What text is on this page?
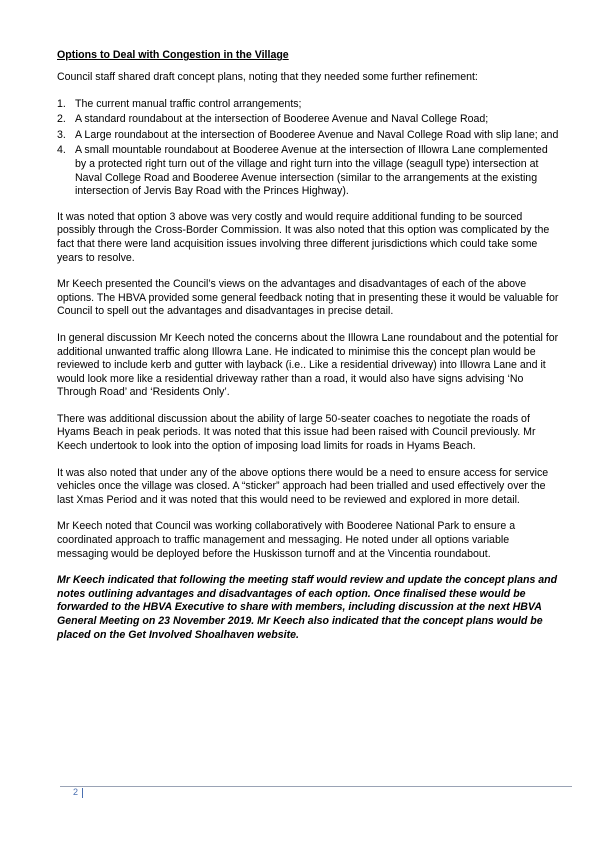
Options to Deal with Congestion in the Village

Council staff shared draft concept plans, noting that they needed some further refinement:

1. The current manual traffic control arrangements;
2. A standard roundabout at the intersection of Booderee Avenue and Naval College Road;
3. A Large roundabout at the intersection of Booderee Avenue and Naval College Road with slip lane; and
4. A small mountable roundabout at Booderee Avenue at the intersection of Illowra Lane complemented by a protected right turn out of the village and right turn into the village (seagull type) intersection at Naval College Road and Booderee Avenue intersection (similar to the arrangements at the existing intersection of Jervis Bay Road with the Princes Highway).

It was noted that option 3 above was very costly and would require additional funding to be sourced possibly through the Cross-Border Commission. It was also noted that this option was complicated by the fact that there were land acquisition issues involving three different jurisdictions which could take some years to resolve.

Mr Keech presented the Council’s views on the advantages and disadvantages of each of the above options. The HBVA provided some general feedback noting that in presenting these it would be valuable for Council to spell out the advantages and disadvantages in precise detail.

In general discussion Mr Keech noted the concerns about the Illowra Lane roundabout and the potential for additional unwanted traffic along Illowra Lane. He indicated to minimise this the concept plan would be reviewed to include kerb and gutter with layback (i.e.. Like a residential driveway) into Illowra Lane and it would look more like a residential driveway rather than a road, it would also have signs advising ‘No Through Road’ and ‘Residents Only’.

There was additional discussion about the ability of large 50-seater coaches to negotiate the roads of Hyams Beach in peak periods. It was noted that this issue had been raised with Council previously. Mr Keech undertook to look into the option of imposing load limits for roads in Hyams Beach.

It was also noted that under any of the above options there would be a need to ensure access for service vehicles once the village was closed. A “sticker” approach had been trialled and used effectively over the last Xmas Period and it was noted that this would need to be reviewed and explored in more detail.

Mr Keech noted that Council was working collaboratively with Booderee National Park to ensure a coordinated approach to traffic management and messaging. He noted under all options variable messaging would be deployed before the Huskisson turnoff and at the Vincentia roundabout.

Mr Keech indicated that following the meeting staff would review and update the concept plans and notes outlining advantages and disadvantages of each option. Once finalised these would be forwarded to the HBVA Executive to share with members, including discussion at the next HBVA General Meeting on 23 November 2019. Mr Keech also indicated that the concept plans would be placed on the Get Involved Shoalhaven website.

2
